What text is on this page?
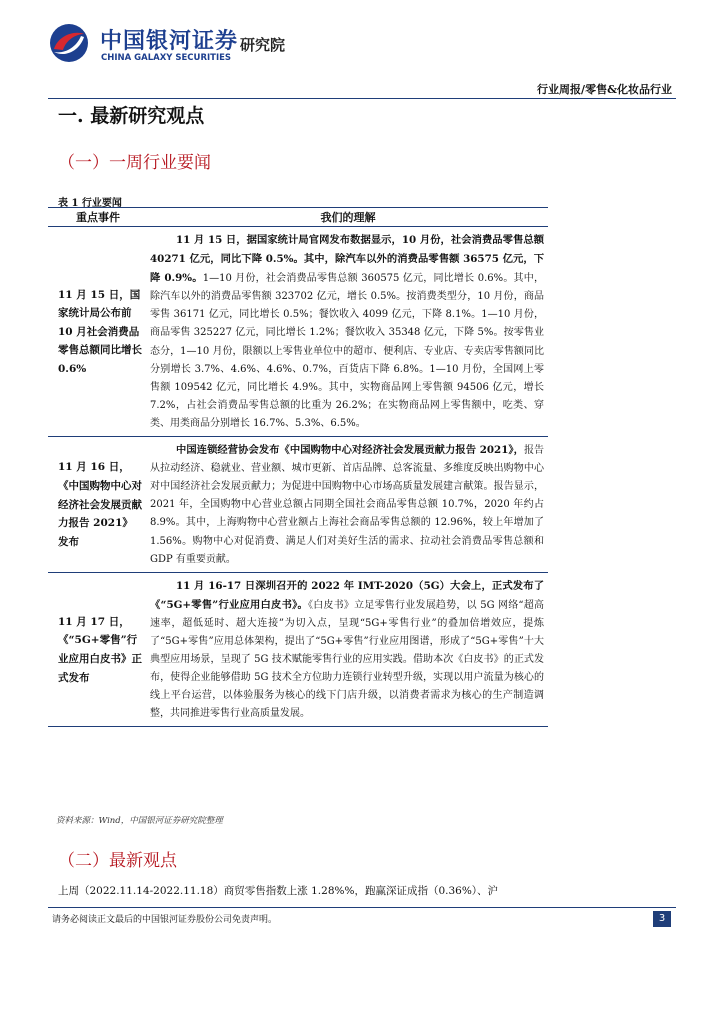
中国银河证券
CHINA GALAXY SECURITIES
研究院
行业周报/零售&化妆品行业
一. 最新研究观点
（一）一周行业要闻
表 1 行业要闻
重点事件	我们的理解
11 月 15 日，国家统计局公布前 10 月社会消费品零售总额同比增长 0.6%	11 月 15 日，据国家统计局官网发布数据显示，10 月份，社会消费品零售总额 40271 亿元，同比下降 0.5%。其中，除汽车以外的消费品零售额 36575 亿元，下降 0.9%。1—10 月份，社会消费品零售总额 360575 亿元，同比增长 0.6%。其中，除汽车以外的消费品零售额 323702 亿元，增长 0.5%。按消费类型分，10 月份，商品零售 36171 亿元，同比增长 0.5%；餐饮收入 4099 亿元，下降 8.1%。1—10 月份，商品零售 325227 亿元，同比增长 1.2%；餐饮收入 35348 亿元，下降 5%。按零售业态分，1—10 月份，限额以上零售业单位中的超市、便利店、专业店、专卖店零售额同比分别增长 3.7%、4.6%、4.6%、0.7%，百货店下降 6.8%。1—10 月份，全国网上零售额 109542 亿元，同比增长 4.9%。其中，实物商品网上零售额 94506 亿元，增长 7.2%，占社会消费品零售总额的比重为 26.2%；在实物商品网上零售额中，吃类、穿类、用类商品分别增长 16.7%、5.3%、6.5%。
11 月 16 日，《中国购物中心对经济社会发展贡献力报告 2021》发布	中国连锁经营协会发布《中国购物中心对经济社会发展贡献力报告 2021》，报告从拉动经济、稳就业、营业额、城市更新、首店品牌、总客流量、多维度反映出购物中心对中国经济社会发展贡献力；为促进中国购物中心市场高质量发展建言献策。报告显示，2021 年，全国购物中心营业总额占同期全国社会商品零售总额 10.7%，2020 年约占 8.9%。其中，上海购物中心营业额占上海社会商品零售总额的 12.96%，较上年增加了 1.56%。购物中心对促消费、满足人们对美好生活的需求、拉动社会消费品零售总额和 GDP 有重要贡献。
11 月 17 日，《“5G+零售”行业应用白皮书》正式发布	11 月 16-17 日深圳召开的 2022 年 IMT-2020（5G）大会上，正式发布了《“5G+零售”行业应用白皮书》。《白皮书》立足零售行业发展趋势，以 5G 网络“超高速率，超低延时、超大连接”为切入点，呈现“5G+零售行业”的叠加倍增效应，提炼了“5G+零售”应用总体架构，提出了“5G+零售”行业应用图谱，形成了“5G+零售”十大典型应用场景，呈现了 5G 技术赋能零售行业的应用实践。借助本次《白皮书》的正式发布，使得企业能够借助 5G 技术全方位助力连锁行业转型升级，实现以用户流量为核心的线上平台运营，以体验服务为核心的线下门店升级，以消费者需求为核心的生产制造调整，共同推进零售行业高质量发展。
资料来源：Wind，中国银河证券研究院整理
（二）最新观点
上周（2022.11.14-2022.11.18）商贸零售指数上涨 1.28%%，跑赢深证成指（0.36%）、沪
请务必阅读正文最后的中国银河证券股份公司免责声明。	3
